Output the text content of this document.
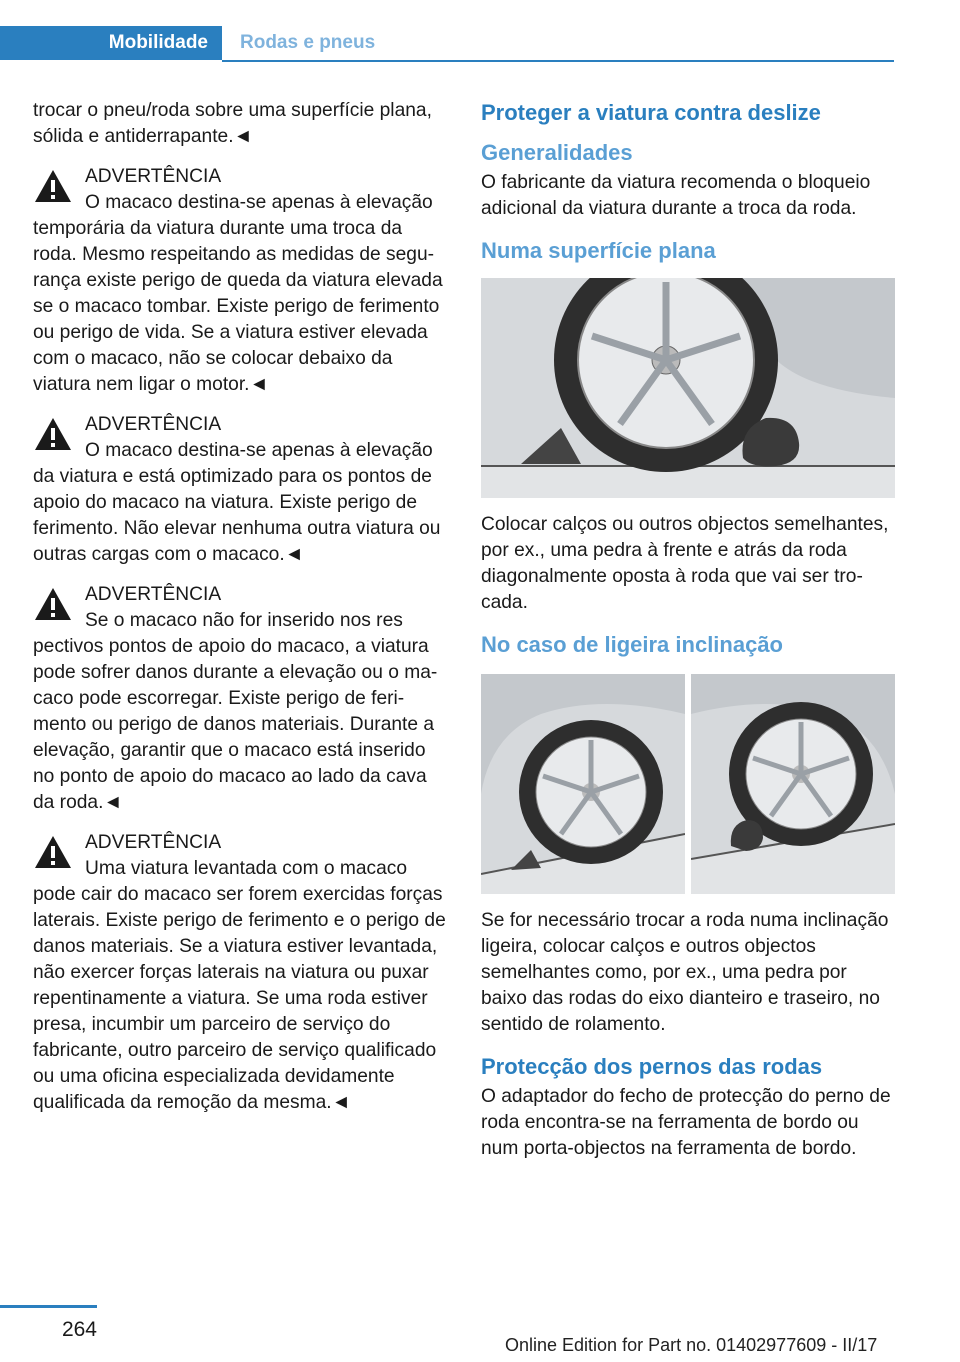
Mobilidade	Rodas e pneus

trocar o pneu/roda sobre uma superfície plana, sólida e antiderrapante.◄

ADVERTÊNCIA
O macaco destina-se apenas à elevação
temporária da viatura durante uma troca da roda. Mesmo respeitando as medidas de segurança existe perigo de queda da viatura elevada se o macaco tombar. Existe perigo de ferimento ou perigo de vida. Se a viatura estiver elevada com o macaco, não se colocar debaixo da viatura nem ligar o motor.◄
ADVERTÊNCIA
O macaco destina-se apenas à elevação
da viatura e está optimizado para os pontos de apoio do macaco na viatura. Existe perigo de ferimento. Não elevar nenhuma outra viatura ou outras cargas com o macaco.◄
ADVERTÊNCIA
Se o macaco não for inserido nos res
pectivos pontos de apoio do macaco, a viatura pode sofrer danos durante a elevação ou o macaco pode escorregar. Existe perigo de ferimento ou perigo de danos materiais. Durante a elevação, garantir que o macaco está inserido no ponto de apoio do macaco ao lado da cava da roda.◄
ADVERTÊNCIA
Uma viatura levantada com o macaco
pode cair do macaco ser forem exercidas forças laterais. Existe perigo de ferimento e o perigo de danos materiais. Se a viatura estiver levantada, não exercer forças laterais na viatura ou puxar repentinamente a viatura. Se uma roda estiver presa, incumbir um parceiro de serviço do fabricante, outro parceiro de serviço qualificado ou uma oficina especializada devidamente qualificada da remoção da mesma.◄
Proteger a viatura contra deslize
Generalidades

O fabricante da viatura recomenda o bloqueio adicional da viatura durante a troca da roda.

Numa superfície plana

Colocar calços ou outros objectos semelhantes, por ex., uma pedra à frente e atrás da roda diagonalmente oposta à roda que vai ser trocada.

No caso de ligeira inclinação

Se for necessário trocar a roda numa inclinação ligeira, colocar calços e outros objectos semelhantes como, por ex., uma pedra por baixo das rodas do eixo dianteiro e traseiro, no sentido de rolamento.

Protecção dos pernos das rodas

O adaptador do fecho de protecção do perno de roda encontra-se na ferramenta de bordo ou num porta-objectos na ferramenta de bordo.

264
Online Edition for Part no. 01402977609 - II/17
